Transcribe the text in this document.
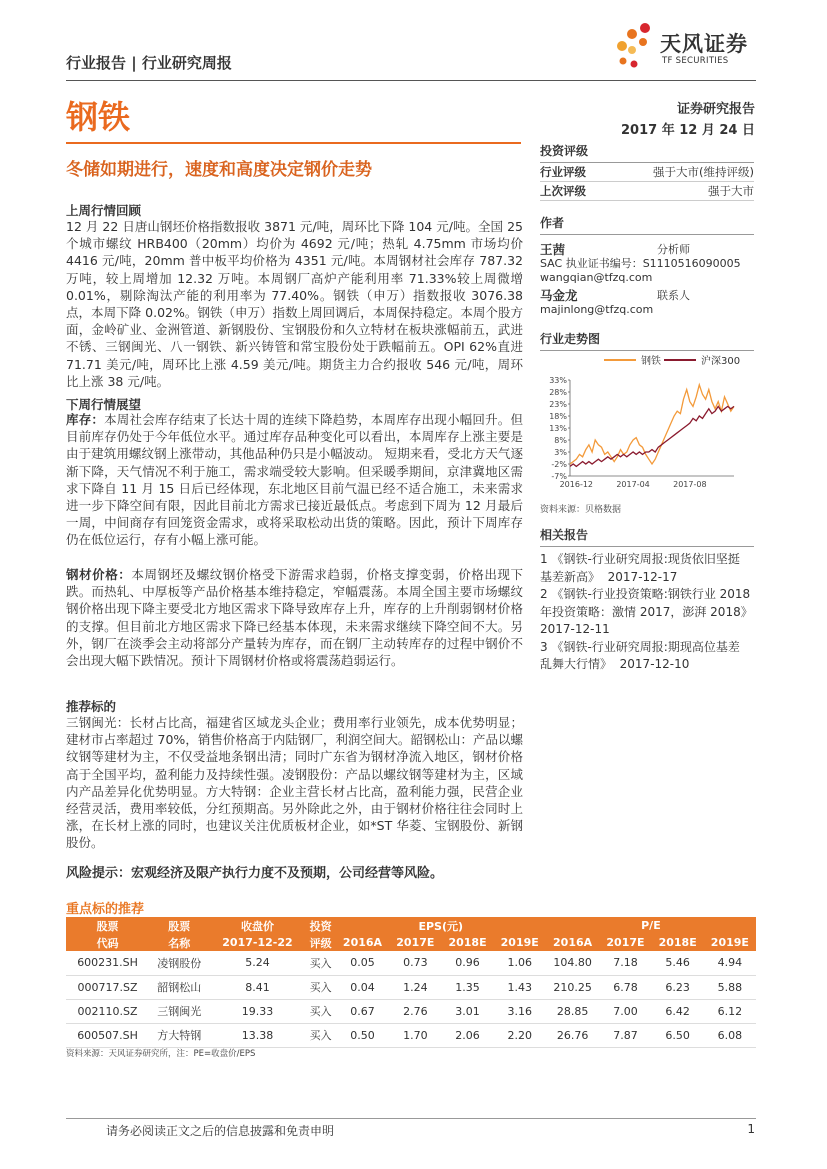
行业报告 | 行业研究周报
天风证券
TF SECURITIES
钢铁	证券研究报告
2017 年 12 月 24 日
冬储如期进行，速度和高度决定钢价走势
上周行情回顾
12 月 22 日唐山钢坯价格指数报收 3871 元/吨，周环比下降 104 元/吨。全国 25 个城市螺纹 HRB400（20mm）均价为 4692 元/吨；热轧 4.75mm 市场均价 4416 元/吨，20mm 普中板平均价格为 4351 元/吨。本周钢材社会库存 787.32 万吨，较上周增加 12.32 万吨。本周钢厂高炉产能利用率 71.33%较上周微增 0.01%，剔除淘汰产能的利用率为 77.40%。钢铁（申万）指数报收 3076.38 点，本周下降 0.02%。钢铁（申万）指数上周回调后，本周保持稳定。本周个股方面，金岭矿业、金洲管道、新钢股份、宝钢股份和久立特材在板块涨幅前五，武进不锈、三钢闽光、八一钢铁、新兴铸管和常宝股份处于跌幅前五。OPI 62%直进 71.71 美元/吨，周环比上涨 4.59 美元/吨。期货主力合约报收 546 元/吨，周环比上涨 38 元/吨。
下周行情展望
库存：本周社会库存结束了长达十周的连续下降趋势，本周库存出现小幅回升。但目前库存仍处于今年低位水平。通过库存品种变化可以看出，本周库存上涨主要是由于建筑用螺纹钢上涨带动，其他品种仍只是小幅波动。 短期来看，受北方天气逐渐下降，天气情况不利于施工，需求端受较大影响。但采暖季期间，京津冀地区需求下降自 11 月 15 日后已经体现，东北地区目前气温已经不适合施工，未来需求进一步下降空间有限，因此目前北方需求已接近最低点。考虑到下周为 12 月最后一周，中间商存有回笼资金需求，或将采取松动出货的策略。因此，预计下周库存仍在低位运行，存有小幅上涨可能。
钢材价格：本周钢坯及螺纹钢价格受下游需求趋弱，价格支撑变弱，价格出现下跌。而热轧、中厚板等产品价格基本维持稳定，窄幅震荡。本周全国主要市场螺纹钢价格出现下降主要受北方地区需求下降导致库存上升，库存的上升削弱钢材价格的支撑。但目前北方地区需求下降已经基本体现，未来需求继续下降空间不大。另外，钢厂在淡季会主动将部分产量转为库存，而在钢厂主动转库存的过程中钢价不会出现大幅下跌情况。预计下周钢材价格或将震荡趋弱运行。
推荐标的
三钢闽光：长材占比高，福建省区域龙头企业；费用率行业领先，成本优势明显；建材市占率超过 70%，销售价格高于内陆钢厂，利润空间大。韶钢松山：产品以螺纹钢等建材为主，不仅受益地条钢出清；同时广东省为钢材净流入地区，钢材价格高于全国平均，盈利能力及持续性强。凌钢股份：产品以螺纹钢等建材为主，区域内产品差异化优势明显。方大特钢：企业主营长材占比高，盈利能力强，民营企业经营灵活，费用率较低，分红预期高。另外除此之外，由于钢材价格往往会同时上涨，在长材上涨的同时，也建议关注优质板材企业，如*ST 华菱、宝钢股份、新钢股份。
风险提示：宏观经济及限产执行力度不及预期，公司经营等风险。
投资评级
行业评级	强于大市(维持评级)
上次评级	强于大市
作者
王茜	分析师
SAC 执业证书编号：S1110516090005
wangqian@tfzq.com
马金龙	联系人
majinlong@tfzq.com
行业走势图
钢铁	沪深300
33%
28%
23%
18%
13%
8%
3%
-2%
-7%
2016-12	2017-04	2017-08
资料来源：贝格数据
相关报告
1 《钢铁-行业研究周报:现货依旧坚挺 基差新高》 2017-12-17
2 《钢铁-行业投资策略:钢铁行业 2018 年投资策略：激情 2017，澎湃 2018》
2017-12-11
3 《钢铁-行业研究周报:期现高位基差 乱舞大行情》 2017-12-10
重点标的推荐
股票	股票	收盘价	投资	EPS(元)				P/E			
代码	名称	2017-12-22	评级	2016A	2017E	2018E	2019E	2016A	2017E	2018E	2019E
600231.SH	凌钢股份	5.24	买入	0.05	0.73	0.96	1.06	104.80	7.18	5.46	4.94
000717.SZ	韶钢松山	8.41	买入	0.04	1.24	1.35	1.43	210.25	6.78	6.23	5.88
002110.SZ	三钢闽光	19.33	买入	0.67	2.76	3.01	3.16	28.85	7.00	6.42	6.12
600507.SH	方大特钢	13.38	买入	0.50	1.70	2.06	2.20	26.76	7.87	6.50	6.08
资料来源：天风证券研究所，注：PE=收盘价/EPS
请务必阅读正文之后的信息披露和免责申明	1
